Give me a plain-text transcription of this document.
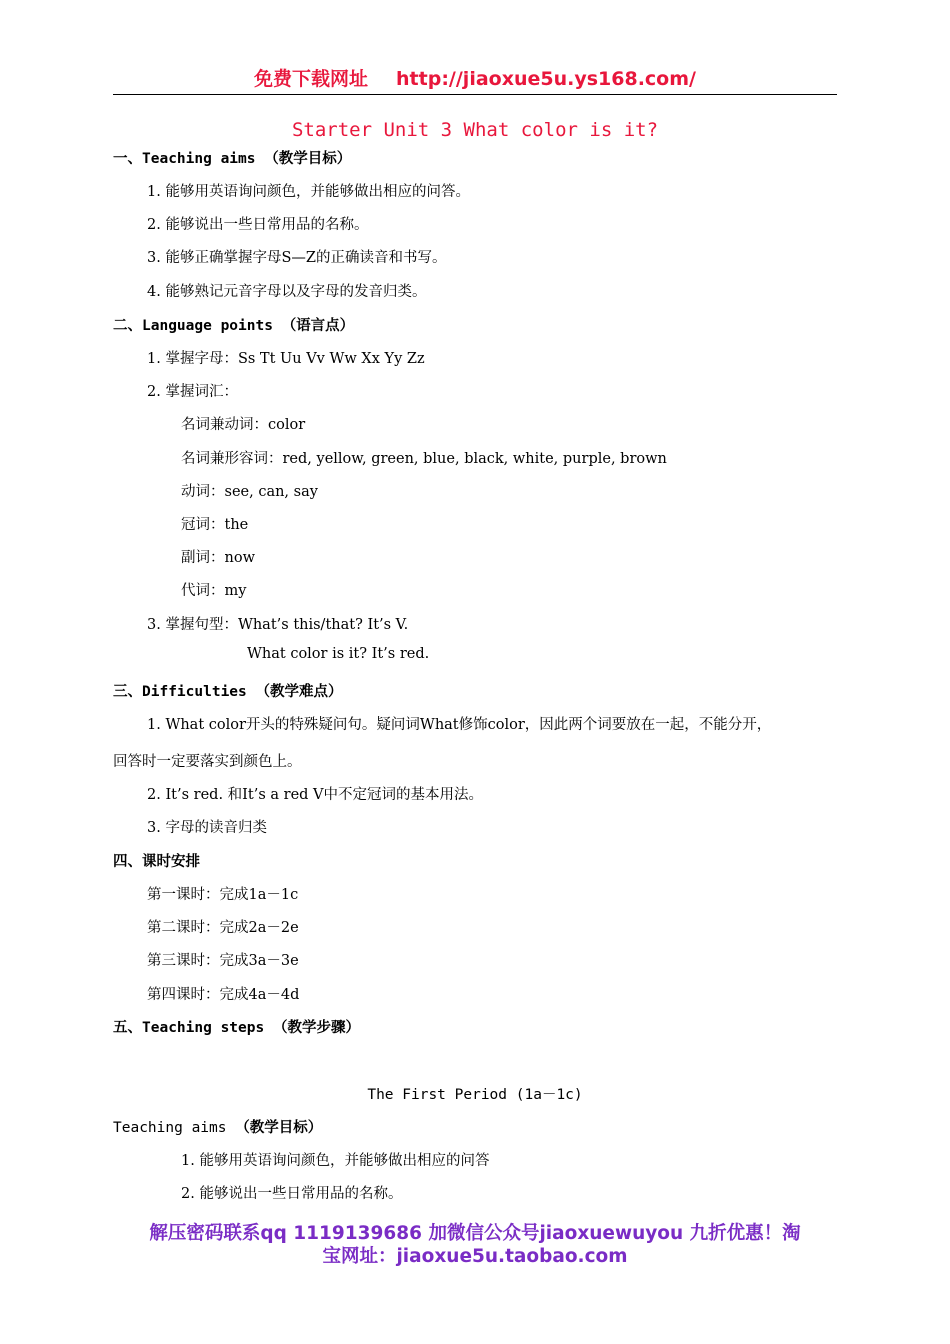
免费下载网址 http://jiaoxue5u.ys168.com/
Starter Unit 3 What color is it?
一、Teaching aims （教学目标）
1. 能够用英语询问颜色，并能够做出相应的问答。
2. 能够说出一些日常用品的名称。
3. 能够正确掌握字母S—Z的正确读音和书写。
4. 能够熟记元音字母以及字母的发音归类。
二、Language points （语言点）
1. 掌握字母：Ss Tt Uu Vv Ww Xx Yy Zz
2. 掌握词汇：
名词兼动词：color
名词兼形容词：red, yellow, green, blue, black, white, purple, brown
动词：see, can, say
冠词：the
副词：now
代词：my
3. 掌握句型：What’s this/that? It’s V.
What color is it? It’s red.
三、Difficulties （教学难点）
1. What color开头的特殊疑问句。疑问词What修饰color，因此两个词要放在一起，不能分开，
回答时一定要落实到颜色上。
2. It’s red. 和It’s a red V中不定冠词的基本用法。
3. 字母的读音归类
四、课时安排
第一课时：完成1a－1c
第二课时：完成2a－2e
第三课时：完成3a－3e
第四课时：完成4a－4d
五、Teaching steps （教学步骤）
The First Period (1a－1c)
Teaching aims （教学目标）
1. 能够用英语询问颜色，并能够做出相应的问答
2. 能够说出一些日常用品的名称。
解压密码联系qq 1119139686 加微信公众号jiaoxuewuyou 九折优惠！淘
宝网址：jiaoxue5u.taobao.com
